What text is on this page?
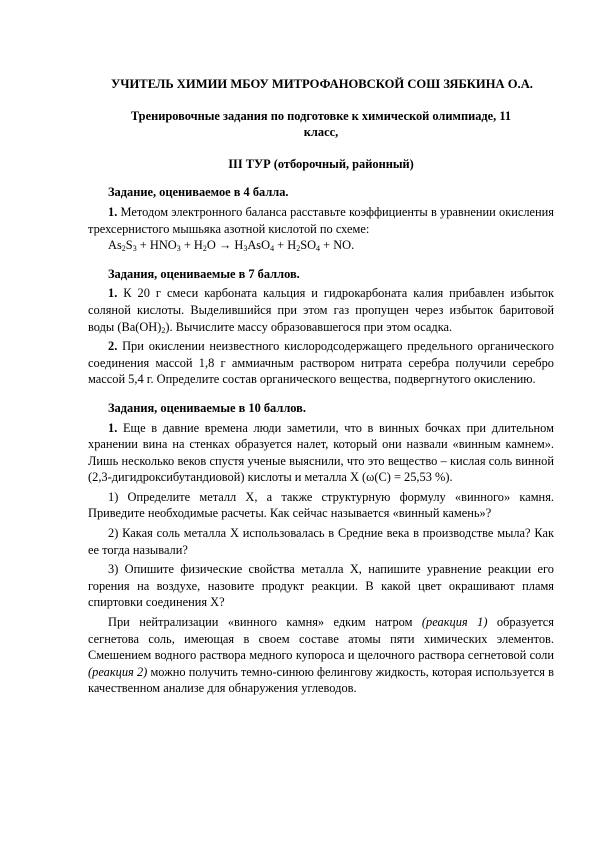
УЧИТЕЛЬ ХИМИИ МБОУ МИТРОФАНОВСКОЙ СОШ ЗЯБКИНА О.А.
Тренировочные задания по подготовке к химической олимпиаде, 11
класс,
III ТУР (отборочный, районный)
Задание, оцениваемое в 4 балла.

1. Методом электронного баланса расставьте коэффициенты в уравнении окисления трехсернистого мышьяка азотной кислотой по схеме:

$As_2S_3 + HNO_3 + H_2O \to H_3AsO_4 + H_2SO_4$ + NO.

Задания, оцениваемые в 7 баллов.

1. К 20 г смеси карбоната кальция и гидрокарбоната калия прибавлен избыток соляной кислоты. Выделившийся при этом газ пропущен через избыток баритовой воды $(Ba(OH)_2)$. Вычислите массу образовавшегося при этом осадка.

2. При окислении неизвестного кислородсодержащего предельного органического соединения массой 1,8 г аммиачным раствором нитрата серебра получили серебро массой 5,4 г. Определите состав органического вещества, подвергнутого окислению.

Задания, оцениваемые в 10 баллов.

1. Еще в давние времена люди заметили, что в винных бочках при длительном хранении вина на стенках образуется налет, который они назвали «винным камнем». Лишь несколько веков спустя ученые выяснили, что это вещество – кислая соль винной (2,3-дигидроксибутандиовой) кислоты и металла Х (ω(С) = 25,53 %).

1) Определите металл Х, а также структурную формулу «винного» камня. Приведите необходимые расчеты. Как сейчас называется «винный камень»?

2) Какая соль металла Х использовалась в Средние века в производстве мыла? Как ее тогда называли?

3) Опишите физические свойства металла Х, напишите уравнение реакции его горения на воздухе, назовите продукт реакции. В какой цвет окрашивают пламя спиртовки соединения Х?

При нейтрализации «винного камня» едким натром (реакция 1) образуется сегнетова соль, имеющая в своем составе атомы пяти химических элементов. Смешением водного раствора медного купороса и щелочного раствора сегнетовой соли (реакция 2) можно получить темно-синюю фелингову жидкость, которая используется в качественном анализе для обнаружения углеводов.
